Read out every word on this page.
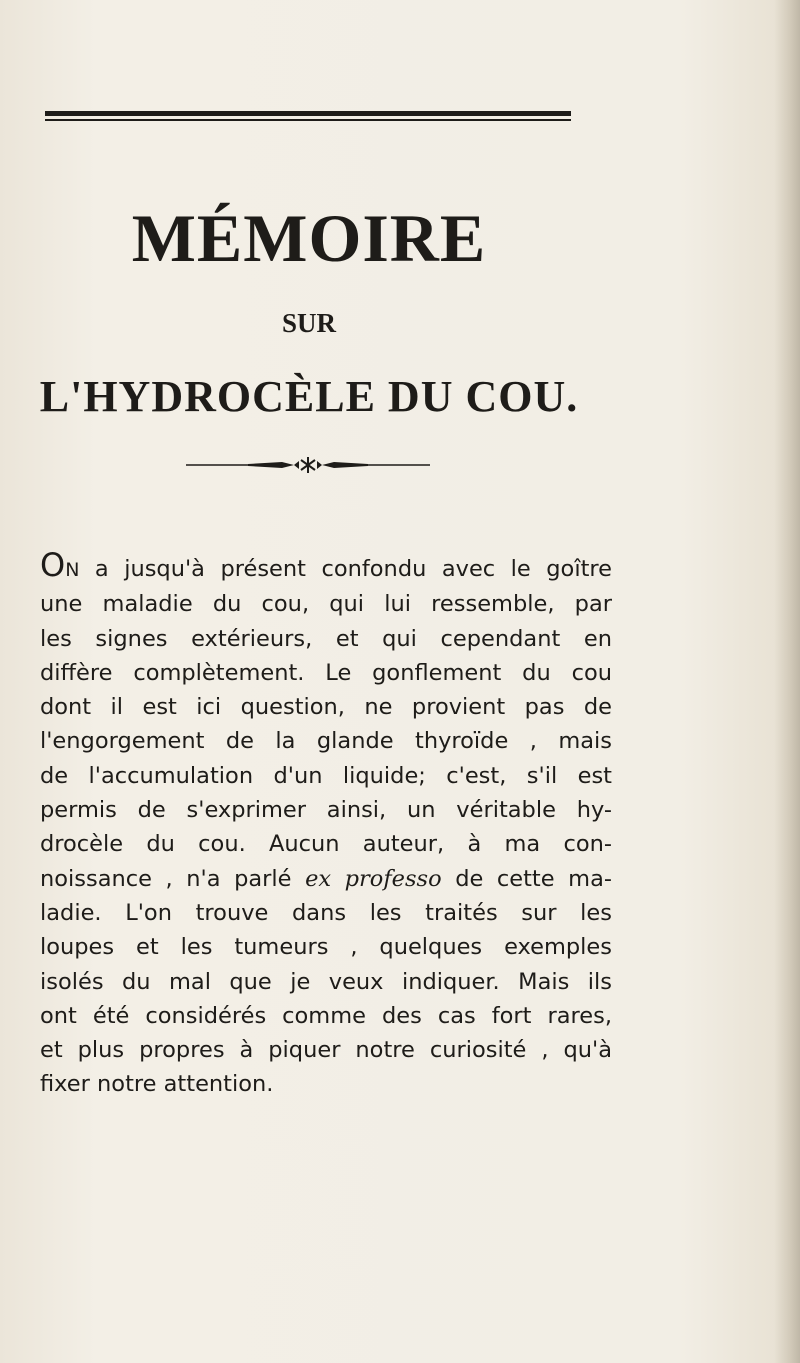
MÉMOIRE
SUR
L'HYDROCÈLE DU COU.
ON a jusqu'à présent confondu avec le goître
une maladie du cou, qui lui ressemble, par
les signes extérieurs, et qui cependant en
diffère complètement. Le gonflement du cou
dont il est ici question, ne provient pas de
l'engorgement de la glande thyroïde , mais
de l'accumulation d'un liquide; c'est, s'il est
permis de s'exprimer ainsi, un véritable hy-
drocèle du cou. Aucun auteur, à ma con-
noissance , n'a parlé ex professo de cette ma-
ladie. L'on trouve dans les traités sur les
loupes et les tumeurs , quelques exemples
isolés du mal que je veux indiquer. Mais ils
ont été considérés comme des cas fort rares,
et plus propres à piquer notre curiosité , qu'à
fixer notre attention.
